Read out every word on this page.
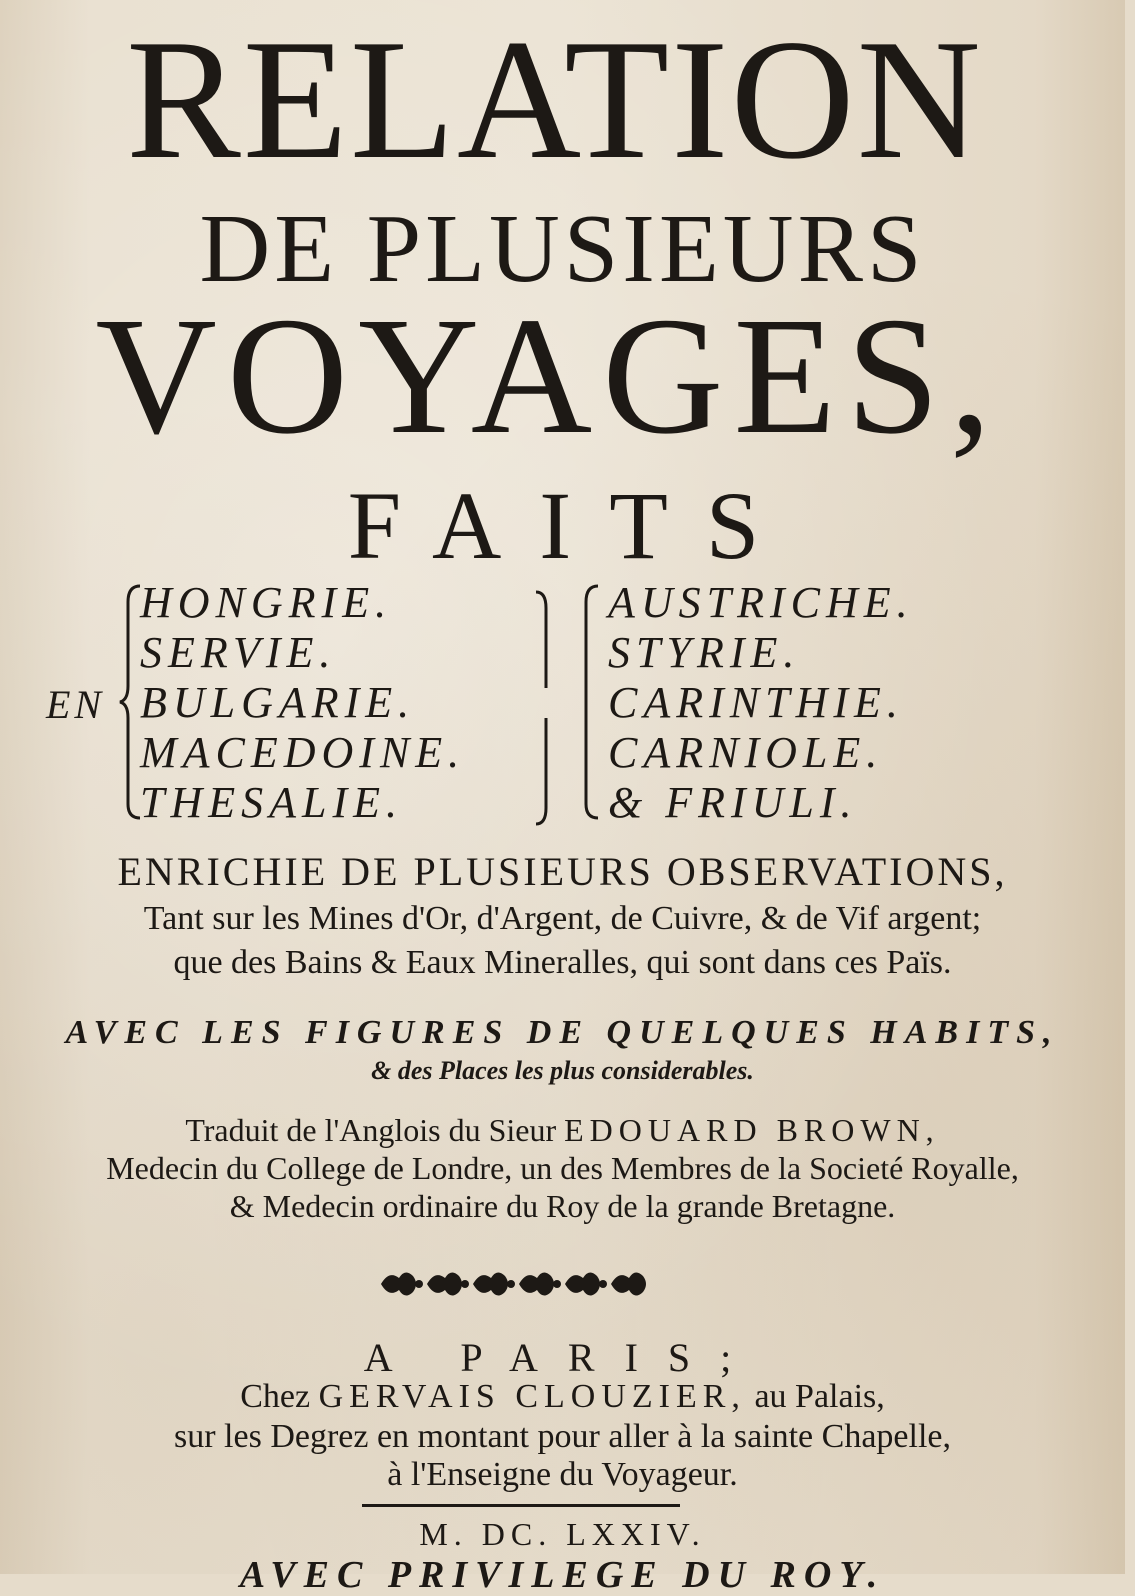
RELATION
DE PLUSIEURS
VOYAGES,
FAITS
EN
HONGRIE.
SERVIE.
BULGARIE.
MACEDOINE.
THESALIE.
AUSTRICHE.
STYRIE.
CARINTHIE.
CARNIOLE.
& FRIULI.
ENRICHIE DE PLUSIEURS OBSERVATIONS,
Tant sur les Mines d'Or, d'Argent, de Cuivre, & de Vif argent;
que des Bains & Eaux Mineralles, qui sont dans ces Païs.
AVEC LES FIGURES DE QUELQUES HABITS,
& des Places les plus considerables.
Traduit de l'Anglois du Sieur EDOUARD BROWN,
Medecin du College de Londre, un des Membres de la Societé Royalle,
& Medecin ordinaire du Roy de la grande Bretagne.
A PARIS;
Chez GERVAIS CLOUZIER, au Palais,
sur les Degrez en montant pour aller à la sainte Chapelle,
à l'Enseigne du Voyageur.
M. DC. LXXIV.
AVEC PRIVILEGE DU ROY.
